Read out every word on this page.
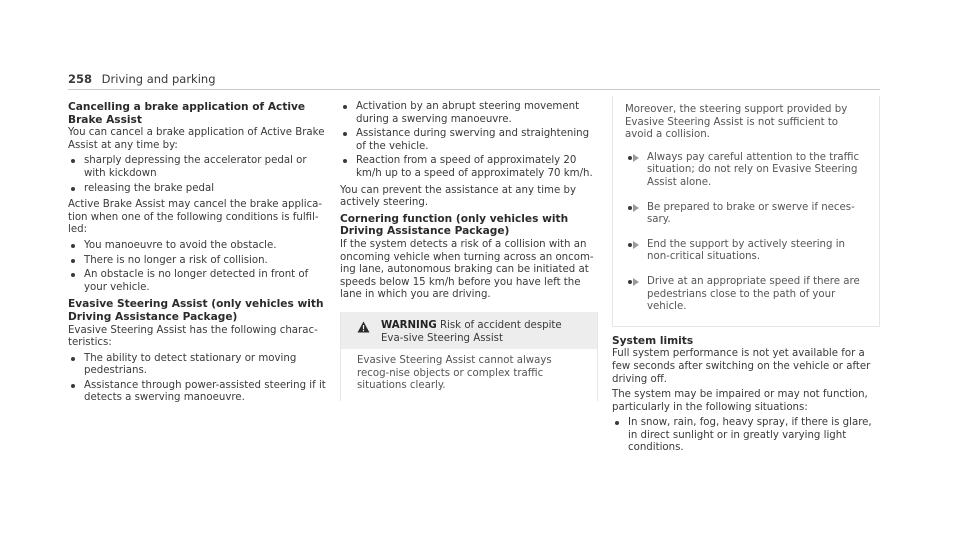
258 Driving and parking
Cancelling a brake application of Active Brake Assist

You can cancel a brake application of Active Brake Assist at any time by:

sharply depressing the accelerator pedal or with kickdown
releasing the brake pedal

Active Brake Assist may cancel the brake applica-tion when one of the following conditions is fulfil-led:

You manoeuvre to avoid the obstacle.
There is no longer a risk of collision.
An obstacle is no longer detected in front of your vehicle.
Evasive Steering Assist (only vehicles with Driving Assistance Package)

Evasive Steering Assist has the following charac-teristics:

The ability to detect stationary or moving pedestrians.
Assistance through power-assisted steering if it detects a swerving manoeuvre.
Activation by an abrupt steering movement during a swerving manoeuvre.
Assistance during swerving and straightening of the vehicle.
Reaction from a speed of approximately 20 km/h up to a speed of approximately 70 km/h.

You can prevent the assistance at any time by actively steering.

Cornering function (only vehicles with Driving Assistance Package)

If the system detects a risk of a collision with an oncoming vehicle when turning across an oncom-ing lane, autonomous braking can be initiated at speeds below 15 km/h before you have left the lane in which you are driving.

WARNING Risk of accident despite Eva-sive Steering Assist
Evasive Steering Assist cannot always recog-nise objects or complex traffic situations clearly.

Moreover, the steering support provided by Evasive Steering Assist is not sufficient to avoid a collision.

Always pay careful attention to the traffic situation; do not rely on Evasive Steering Assist alone.
Be prepared to brake or swerve if neces-sary.
End the support by actively steering in non-critical situations.
Drive at an appropriate speed if there are pedestrians close to the path of your vehicle.
System limits

Full system performance is not yet available for a few seconds after switching on the vehicle or after driving off.

The system may be impaired or may not function, particularly in the following situations:

In snow, rain, fog, heavy spray, if there is glare, in direct sunlight or in greatly varying light conditions.
